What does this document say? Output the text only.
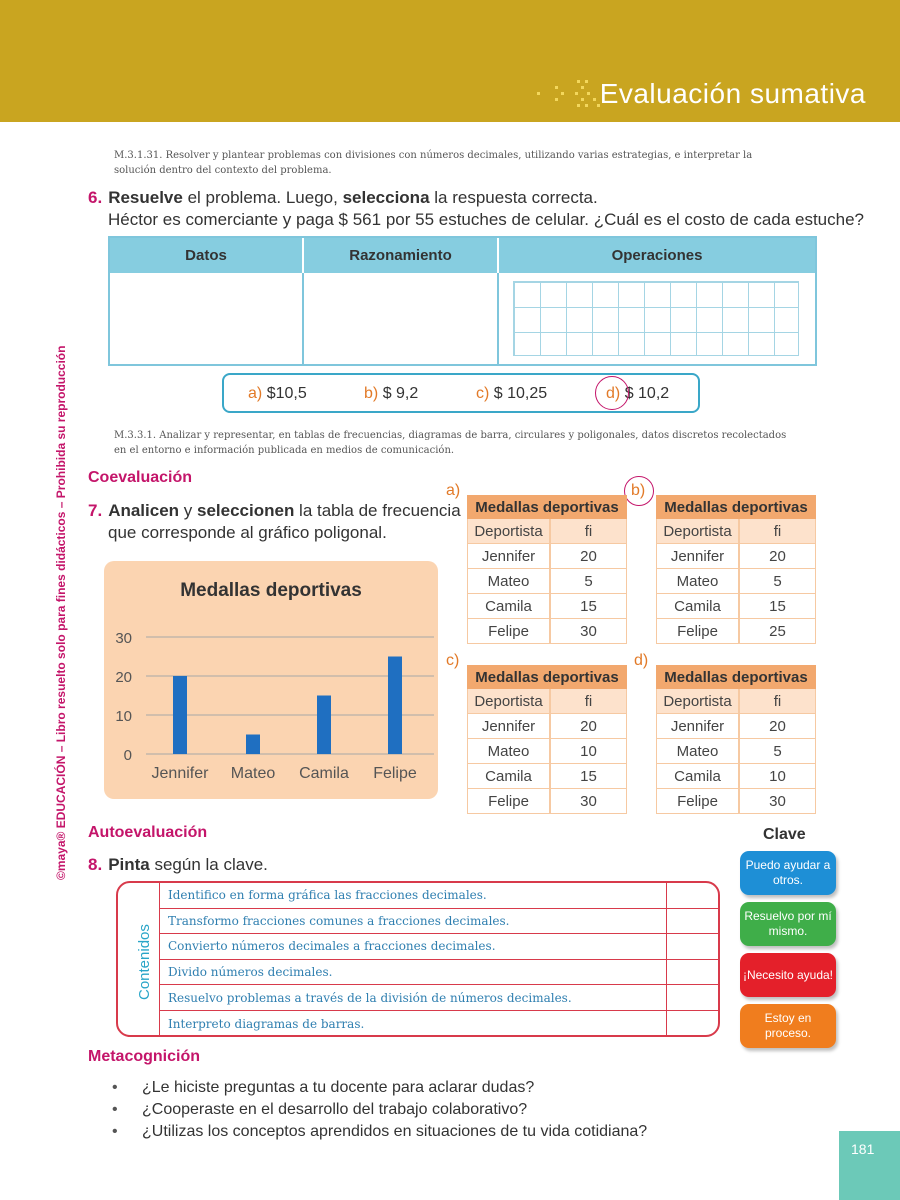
Evaluación sumativa
©maya® EDUCACIÓN – Libro resuelto solo para fines didácticos – Prohibida su reproducción
M.3.1.31. Resolver y plantear problemas con divisiones con números decimales, utilizando varias estrategias, e interpretar la solución dentro del contexto del problema.
6. Resuelve el problema. Luego, selecciona la respuesta correcta.
Héctor es comerciante y paga $ 561 por 55 estuches de celular. ¿Cuál es el costo de cada estuche?
Datos	Razonamiento	Operaciones
a) $10,5	b) $ 9,2	c) $ 10,25	d) $ 10,2
M.3.3.1. Analizar y representar, en tablas de frecuencias, diagramas de barra, circulares y poligonales, datos discretos recolectados en el entorno e información publicada en medios de comunicación.
Coevaluación
7. Analicen y seleccionen la tabla de frecuencia
que corresponde al gráfico poligonal.
Medallas deportivas
0
10
20
30
Jennifer Mateo Camila Felipe
a)	b)
c)	d)
Medallas deportivas
Deportista	fi
Jennifer	20
Mateo	5
Camila	15
Felipe	30
Medallas deportivas
Deportista	fi
Jennifer	20
Mateo	5
Camila	15
Felipe	25
Medallas deportivas
Deportista	fi
Jennifer	20
Mateo	10
Camila	15
Felipe	30
Medallas deportivas
Deportista	fi
Jennifer	20
Mateo	5
Camila	10
Felipe	30
Autoevaluación
8. Pinta según la clave.
Contenidos
Identifico en forma gráfica las fracciones decimales.
Transformo fracciones comunes a fracciones decimales.
Convierto números decimales a fracciones decimales.
Divido números decimales.
Resuelvo problemas a través de la división de números decimales.
Interpreto diagramas de barras.
Clave
Puedo ayudar a otros.
Resuelvo por mí mismo.
¡Necesito ayuda!
Estoy en proceso.
Metacognición
• ¿Le hiciste preguntas a tu docente para aclarar dudas?
• ¿Cooperaste en el desarrollo del trabajo colaborativo?
• ¿Utilizas los conceptos aprendidos en situaciones de tu vida cotidiana?
181
